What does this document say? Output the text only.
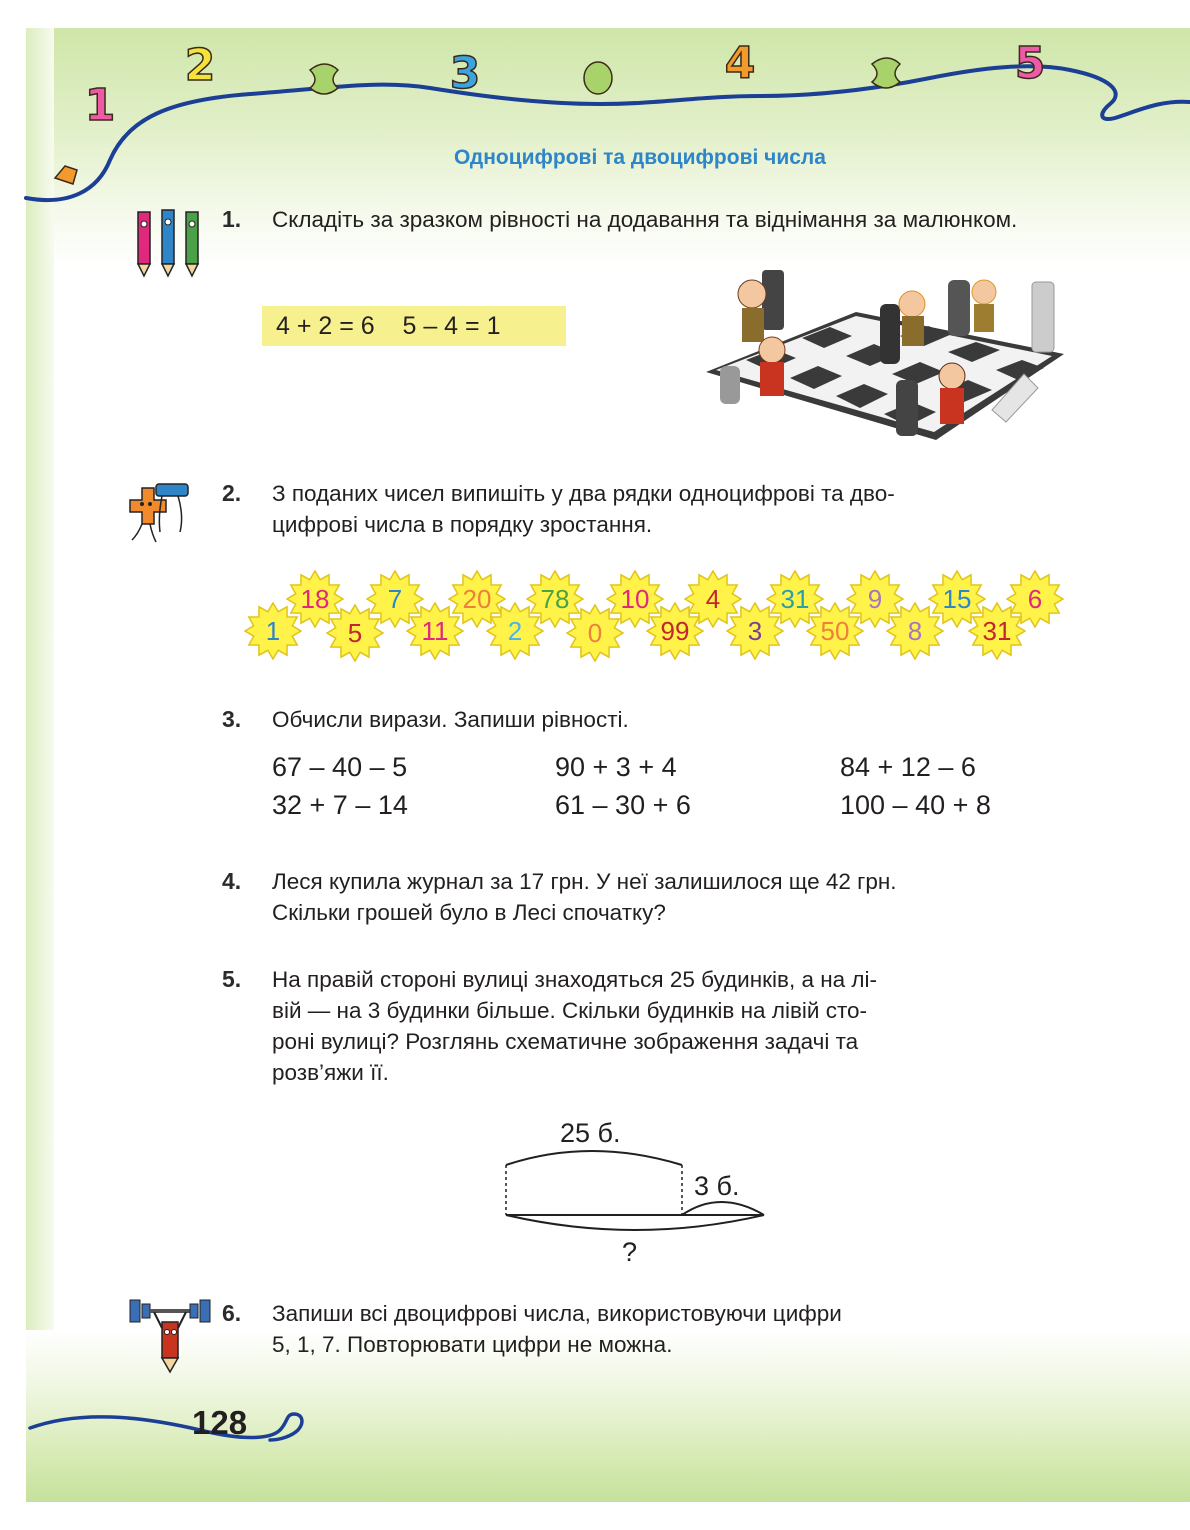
1
2	3	4	5
Одноцифрові та двоцифрові числа
1.	Складіть за зразком рівності на додавання та віднімання за малюнком.
4 + 2 = 6    5 – 4 = 1
2.	З поданих чисел випишіть у два рядки одноцифрові та дво-
цифрові числа в порядку зростання.
18	7	20	78	10	4	31	9	15	6
1	5	11	2	0	99	3	50	8	31
3.	Обчисли вирази. Запиши рівності.
67 – 40 – 5	90 + 3 + 4	84 + 12 – 6
32 + 7 – 14	61 – 30 + 6	100 – 40 + 8
4.	Леся купила журнал за 17 грн. У неї залишилося ще 42 грн.
Скільки грошей було в Лесі спочатку?
5.	На правій стороні вулиці знаходяться 25 будинків, а на лі-
вій — на 3 будинки більше. Скільки будинків на лівій сто-
роні вулиці? Розглянь схематичне зображення задачі та
розв’яжи її.
25 б.
3 б.
?
6.	Запиши всі двоцифрові числа, використовуючи цифри
5, 1, 7. Повторювати цифри не можна.
128
